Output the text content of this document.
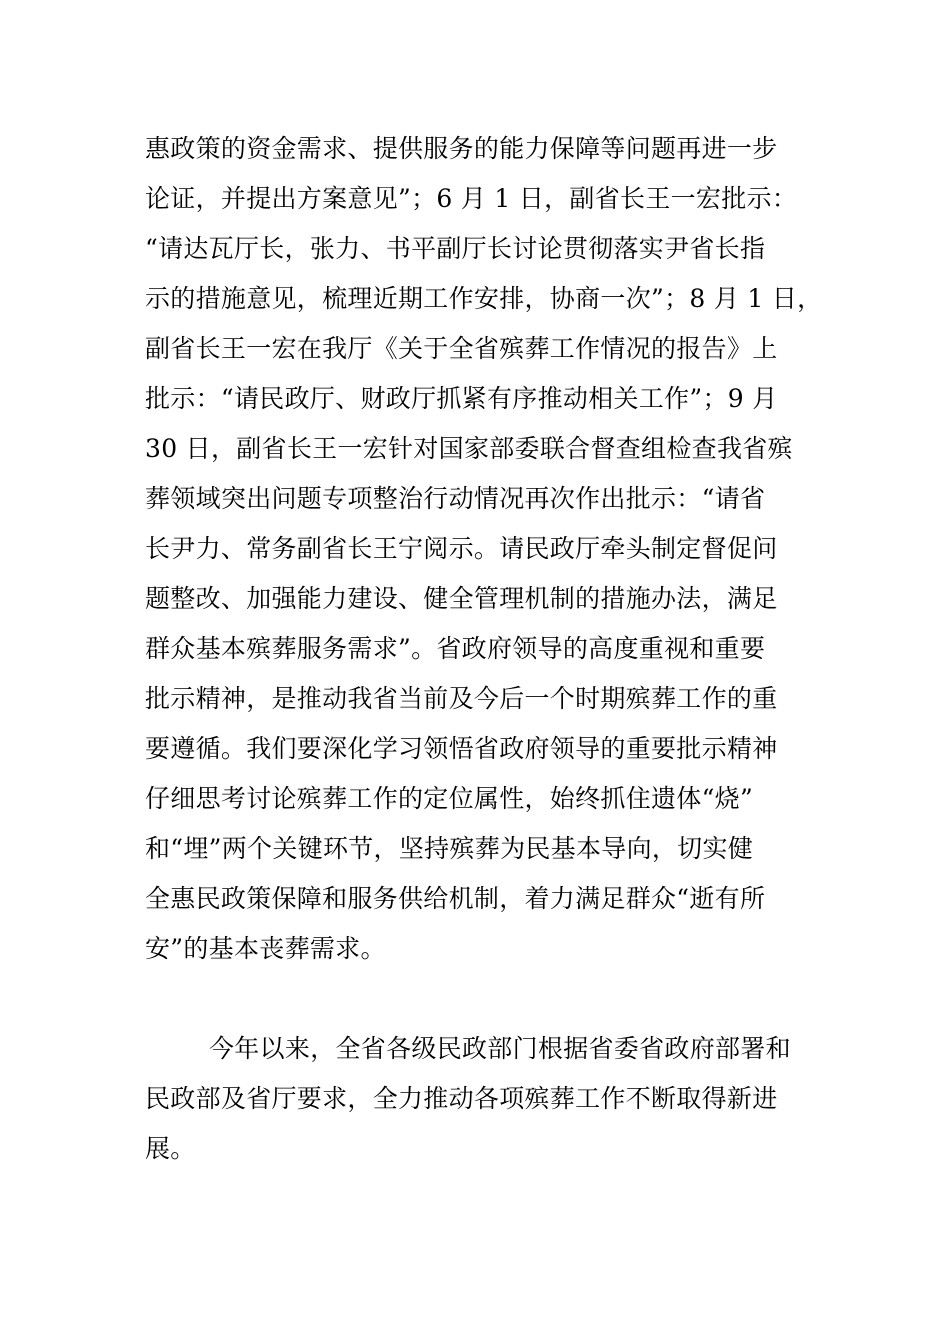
惠政策的资金需求、提供服务的能力保障等问题再进一步
论证，并提出方案意见”；6 月 1 日，副省长王一宏批示：
“请达瓦厅长，张力、书平副厅长讨论贯彻落实尹省长指
示的措施意见，梳理近期工作安排，协商一次”；8 月 1 日，
副省长王一宏在我厅《关于全省殡葬工作情况的报告》上
批示：“请民政厅、财政厅抓紧有序推动相关工作”；9 月
30 日，副省长王一宏针对国家部委联合督查组检查我省殡
葬领域突出问题专项整治行动情况再次作出批示：“请省
长尹力、常务副省长王宁阅示。请民政厅牵头制定督促问
题整改、加强能力建设、健全管理机制的措施办法，满足
群众基本殡葬服务需求”。省政府领导的高度重视和重要
批示精神，是推动我省当前及今后一个时期殡葬工作的重
要遵循。我们要深化学习领悟省政府领导的重要批示精神
仔细思考讨论殡葬工作的定位属性，始终抓住遗体“烧”
和“埋”两个关键环节，坚持殡葬为民基本导向，切实健
全惠民政策保障和服务供给机制，着力满足群众“逝有所
安”的基本丧葬需求。
今年以来，全省各级民政部门根据省委省政府部署和
民政部及省厅要求，全力推动各项殡葬工作不断取得新进
展。
